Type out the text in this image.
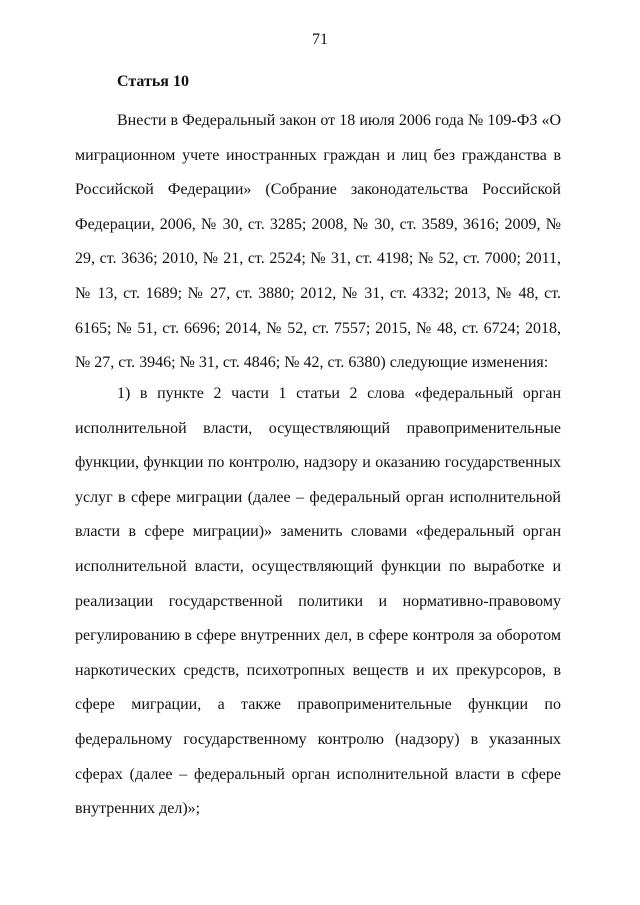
71
Статья 10

Внести в Федеральный закон от 18 июля 2006 года № 109-ФЗ «О миграционном учете иностранных граждан и лиц без гражданства в Российской Федерации» (Собрание законодательства Российской Федерации, 2006, № 30, ст. 3285; 2008, № 30, ст. 3589, 3616; 2009, № 29, ст. 3636; 2010, № 21, ст. 2524; № 31, ст. 4198; № 52, ст. 7000; 2011, № 13, ст. 1689; № 27, ст. 3880; 2012, № 31, ст. 4332; 2013, № 48, ст. 6165; № 51, ст. 6696; 2014, № 52, ст. 7557; 2015, № 48, ст. 6724; 2018, № 27, ст. 3946; № 31, ст. 4846; № 42, ст. 6380) следующие изменения:

1) в пункте 2 части 1 статьи 2 слова «федеральный орган исполнительной власти, осуществляющий правоприменительные функции, функции по контролю, надзору и оказанию государственных услуг в сфере миграции (далее – федеральный орган исполнительной власти в сфере миграции)» заменить словами «федеральный орган исполнительной власти, осуществляющий функции по выработке и реализации государственной политики и нормативно-правовому регулированию в сфере внутренних дел, в сфере контроля за оборотом наркотических средств, психотропных веществ и их прекурсоров, в сфере миграции, а также правоприменительные функции по федеральному государственному контролю (надзору) в указанных сферах (далее – федеральный орган исполнительной власти в сфере внутренних дел)»;
